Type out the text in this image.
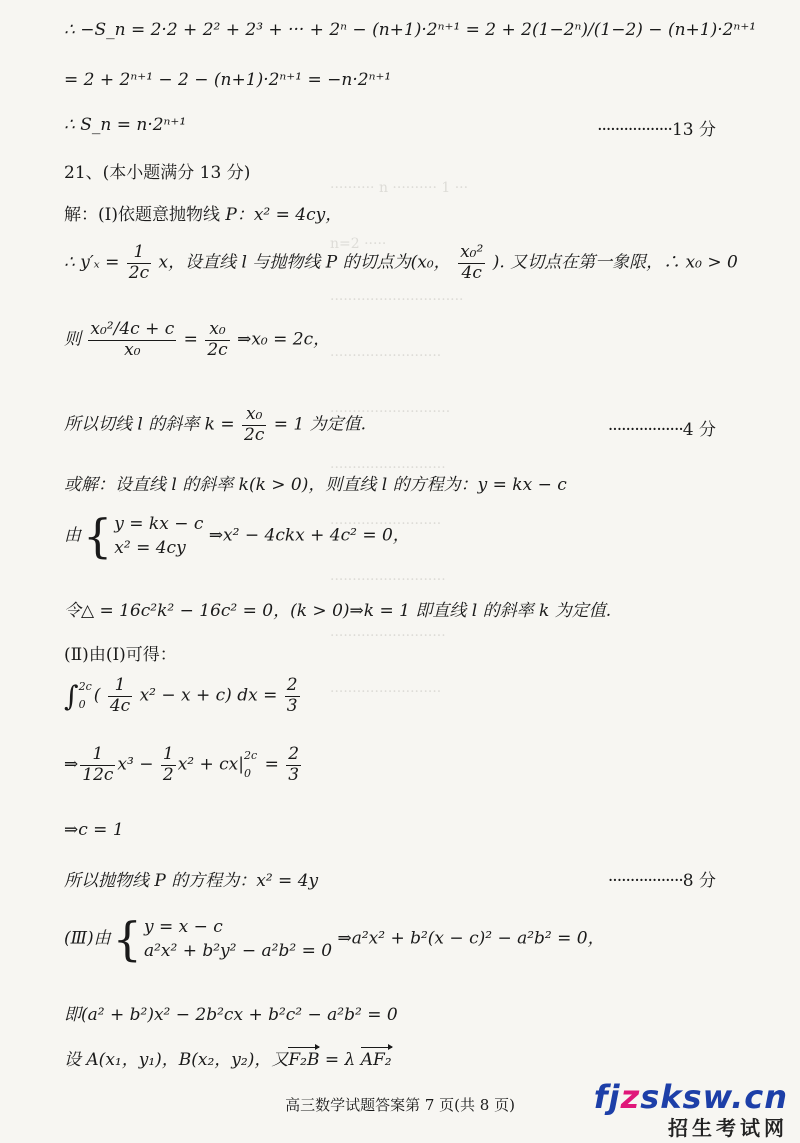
·········· n ·········· 1 ···
n=2 ·····
······························
·························
···························
··························
·························
··························
··························
·························
∴ −S_n = 2·2 + 2² + 2³ + ··· + 2ⁿ − (n+1)·2ⁿ⁺¹ = 2 + 2(1−2ⁿ)/(1−2) − (n+1)·2ⁿ⁺¹
= 2 + 2ⁿ⁺¹ − 2 − (n+1)·2ⁿ⁺¹ = −n·2ⁿ⁺¹
∴ S_n = n·2ⁿ⁺¹	·················13 分
21、(本小题满分 13 分)
解：(Ⅰ)依题意抛物线 P：x² = 4cy，
∴ $y'_x = \frac{1}{2c}$ x，设直线 l 与抛物线 P 的切点为(x₀， $\frac{\text{x₀²}}{4c}$ ). 又切点在第一象限，∴ x₀ > 0
则 $\frac{\text{x₀²/4c + c}}{\text{x₀}} = \frac{\text{x₀}}{2c}$ ⇒x₀ = 2c，
所以切线 l 的斜率 $k = \frac{\text{x₀}}{2c} = 1$ 为定值.	·················4 分
或解：设直线 l 的斜率 k(k > 0)，则直线 l 的方程为：y = kx − c
由{ y = kx − c
x² = 4cy ⇒x² − 4ckx + 4c² = 0，
令△ = 16c²k² − 16c² = 0，(k > 0)⇒k = 1 即直线 l 的斜率 k 为定值.
(Ⅱ)由(Ⅰ)可得：
∫2c
0 ( $\frac{1}{4c} x^2 - x + c$) dx = $\frac{2}{3}$
⇒ $\frac{1}{12c} x^3 - \frac{1}{2} x^2 + cx|2c$
$0 = \frac{2}{3}$
⇒c = 1
所以抛物线 P 的方程为：x² = 4y	·················8 分
(Ⅲ)由{ y = x − c
a²x² + b²y² − a²b² = 0 ⇒a²x² + b²(x − c)² − a²b² = 0，
即(a² + b²)x² − 2b²cx + b²c² − a²b² = 0
设 A(x₁，y₁)，B(x₂，y₂)，又F₂B = λ AF₂
高三数学试题答案第 7 页(共 8 页)	fjzsksw.cn
招生考试网
